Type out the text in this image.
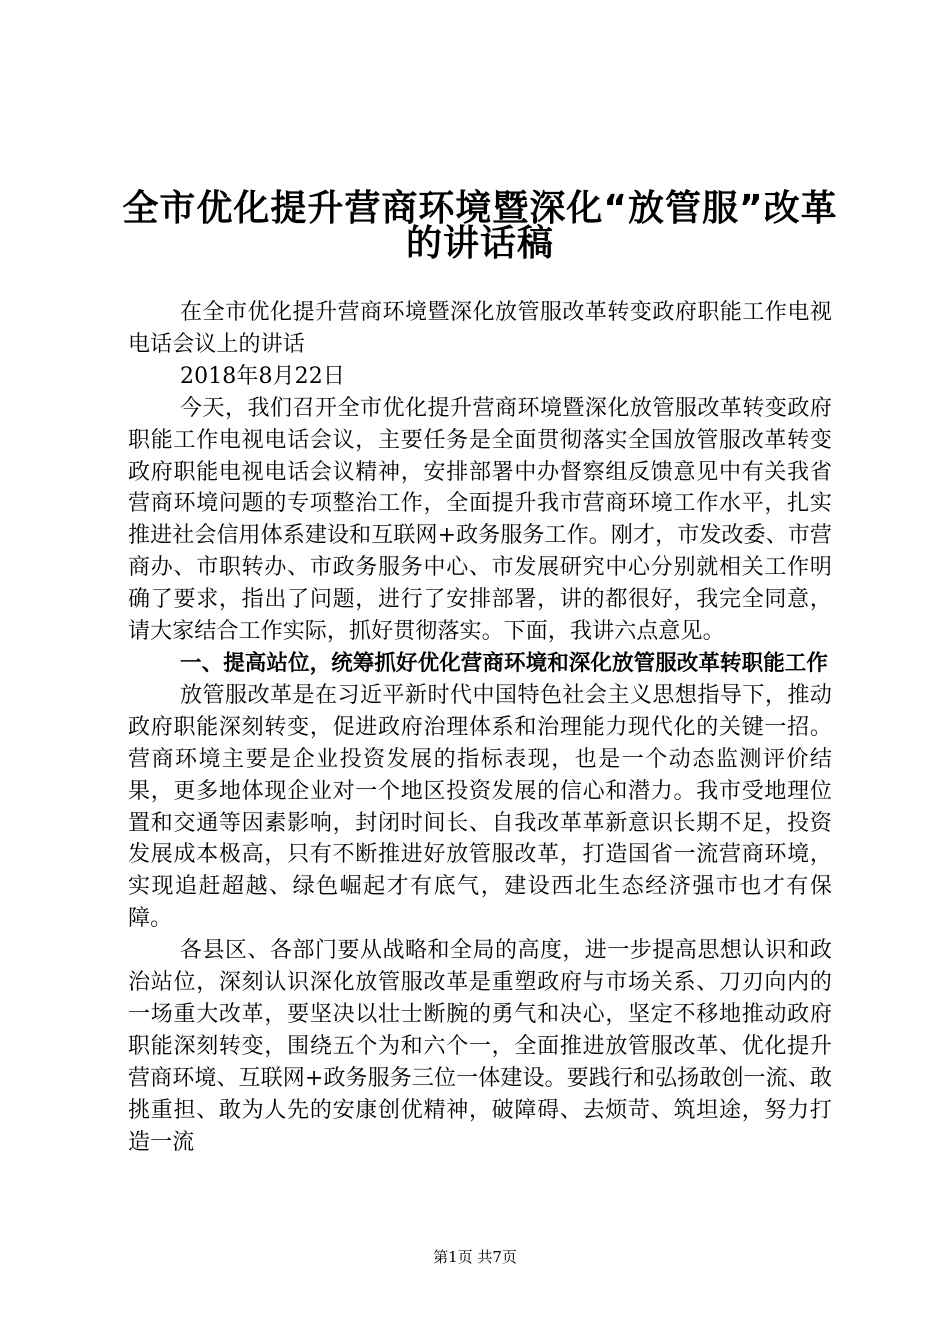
全市优化提升营商环境暨深化“放管服”改革
的讲话稿

在全市优化提升营商环境暨深化放管服改革转变政府职能工作电视电话会议上的讲话

2018年8月22日

今天，我们召开全市优化提升营商环境暨深化放管服改革转变政府职能工作电视电话会议，主要任务是全面贯彻落实全国放管服改革转变政府职能电视电话会议精神，安排部署中办督察组反馈意见中有关我省营商环境问题的专项整治工作，全面提升我市营商环境工作水平，扎实推进社会信用体系建设和互联网+政务服务工作。刚才，市发改委、市营商办、市职转办、市政务服务中心、市发展研究中心分别就相关工作明确了要求，指出了问题，进行了安排部署，讲的都很好，我完全同意，请大家结合工作实际，抓好贯彻落实。下面，我讲六点意见。

一、提高站位，统筹抓好优化营商环境和深化放管服改革转职能工作

放管服改革是在习近平新时代中国特色社会主义思想指导下，推动政府职能深刻转变，促进政府治理体系和治理能力现代化的关键一招。营商环境主要是企业投资发展的指标表现，也是一个动态监测评价结果，更多地体现企业对一个地区投资发展的信心和潜力。我市受地理位置和交通等因素影响，封闭时间长、自我改革革新意识长期不足，投资发展成本极高，只有不断推进好放管服改革，打造国省一流营商环境，实现追赶超越、绿色崛起才有底气，建设西北生态经济强市也才有保障。

各县区、各部门要从战略和全局的高度，进一步提高思想认识和政治站位，深刻认识深化放管服改革是重塑政府与市场关系、刀刃向内的一场重大改革，要坚决以壮士断腕的勇气和决心，坚定不移地推动政府职能深刻转变，围绕五个为和六个一，全面推进放管服改革、优化提升营商环境、互联网+政务服务三位一体建设。要践行和弘扬敢创一流、敢挑重担、敢为人先的安康创优精神，破障碍、去烦苛、筑坦途，努力打造一流

第1页 共7页
